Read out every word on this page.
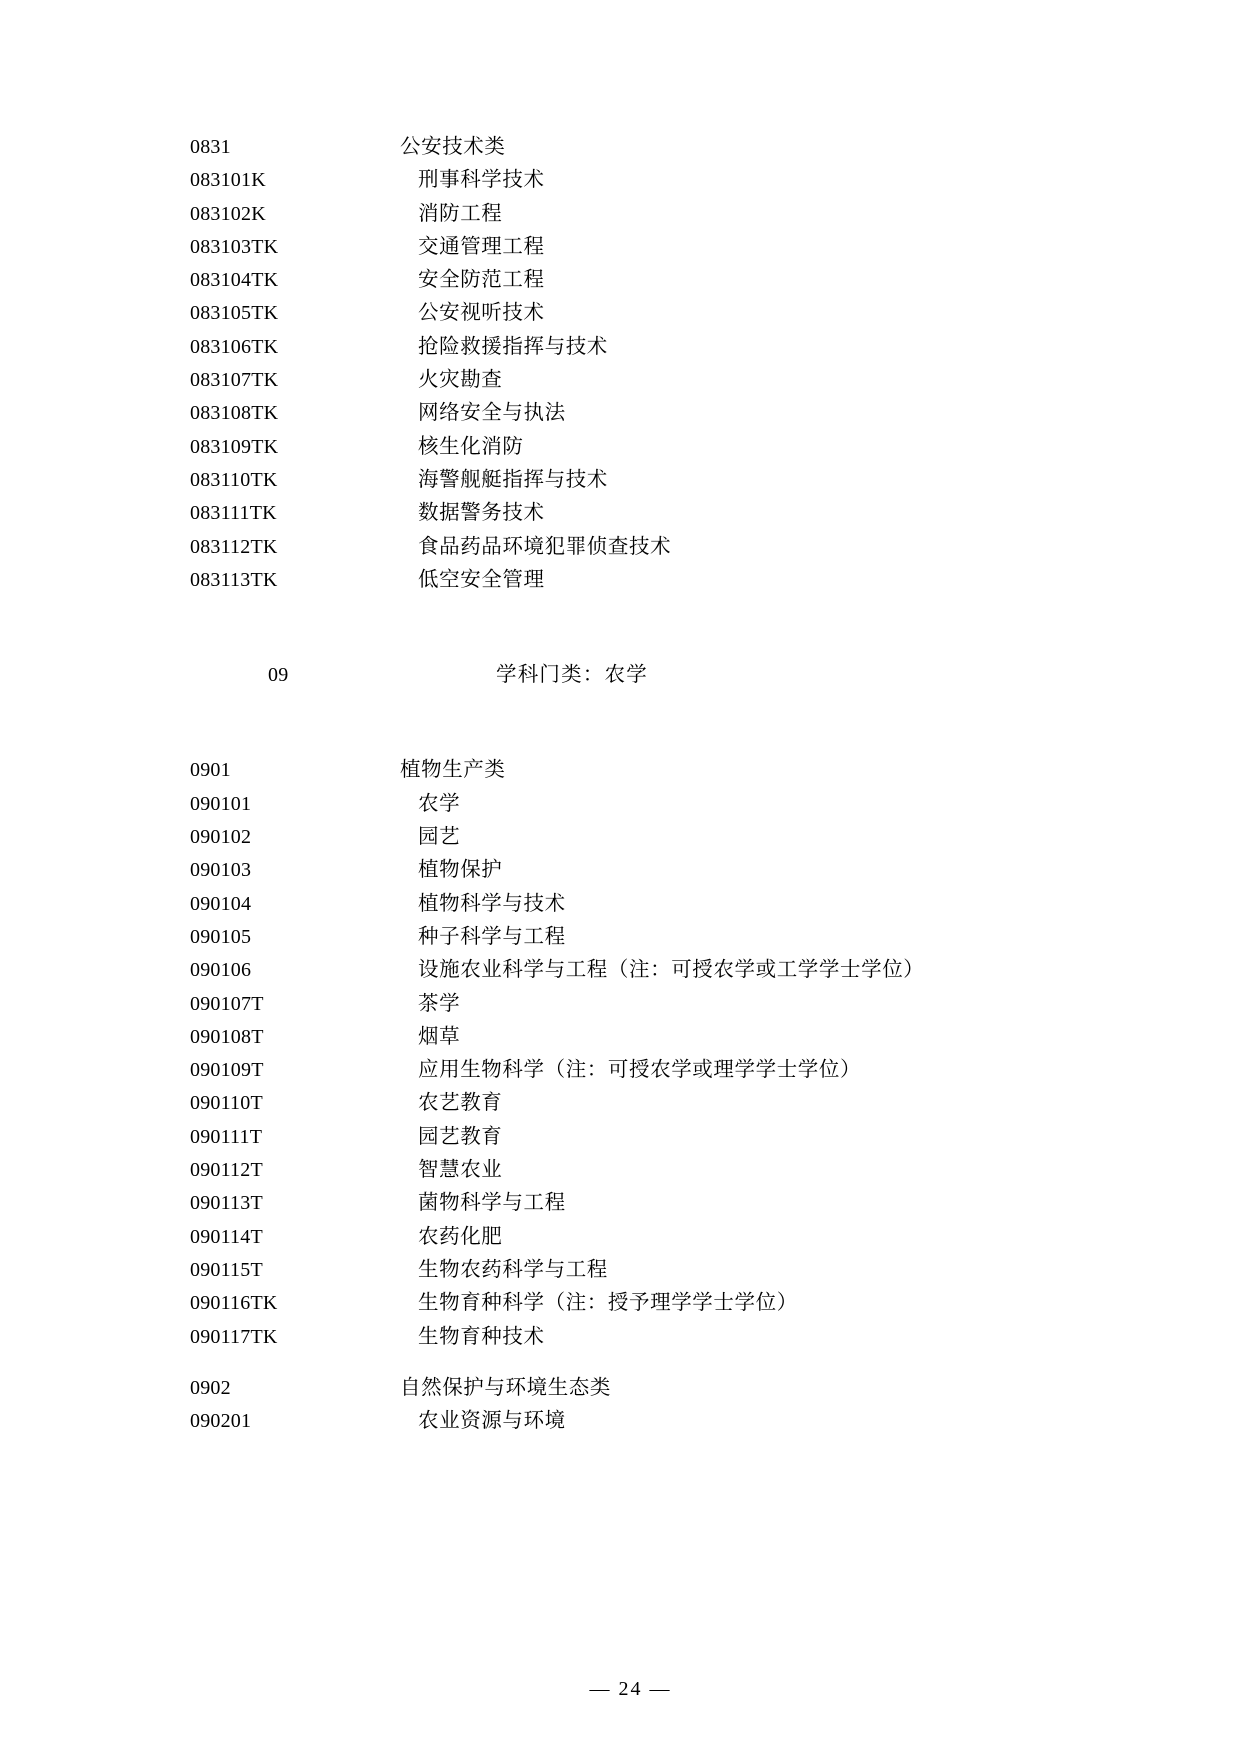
0831	公安技术类
083101K	刑事科学技术
083102K	消防工程
083103TK	交通管理工程
083104TK	安全防范工程
083105TK	公安视听技术
083106TK	抢险救援指挥与技术
083107TK	火灾勘查
083108TK	网络安全与执法
083109TK	核生化消防
083110TK	海警舰艇指挥与技术
083111TK	数据警务技术
083112TK	食品药品环境犯罪侦查技术
083113TK	低空安全管理
09	学科门类：农学
0901	植物生产类
090101	农学
090102	园艺
090103	植物保护
090104	植物科学与技术
090105	种子科学与工程
090106	设施农业科学与工程（注：可授农学或工学学士学位）
090107T	茶学
090108T	烟草
090109T	应用生物科学（注：可授农学或理学学士学位）
090110T	农艺教育
090111T	园艺教育
090112T	智慧农业
090113T	菌物科学与工程
090114T	农药化肥
090115T	生物农药科学与工程
090116TK	生物育种科学（注：授予理学学士学位）
090117TK	生物育种技术
0902	自然保护与环境生态类
090201	农业资源与环境
— 24 —
